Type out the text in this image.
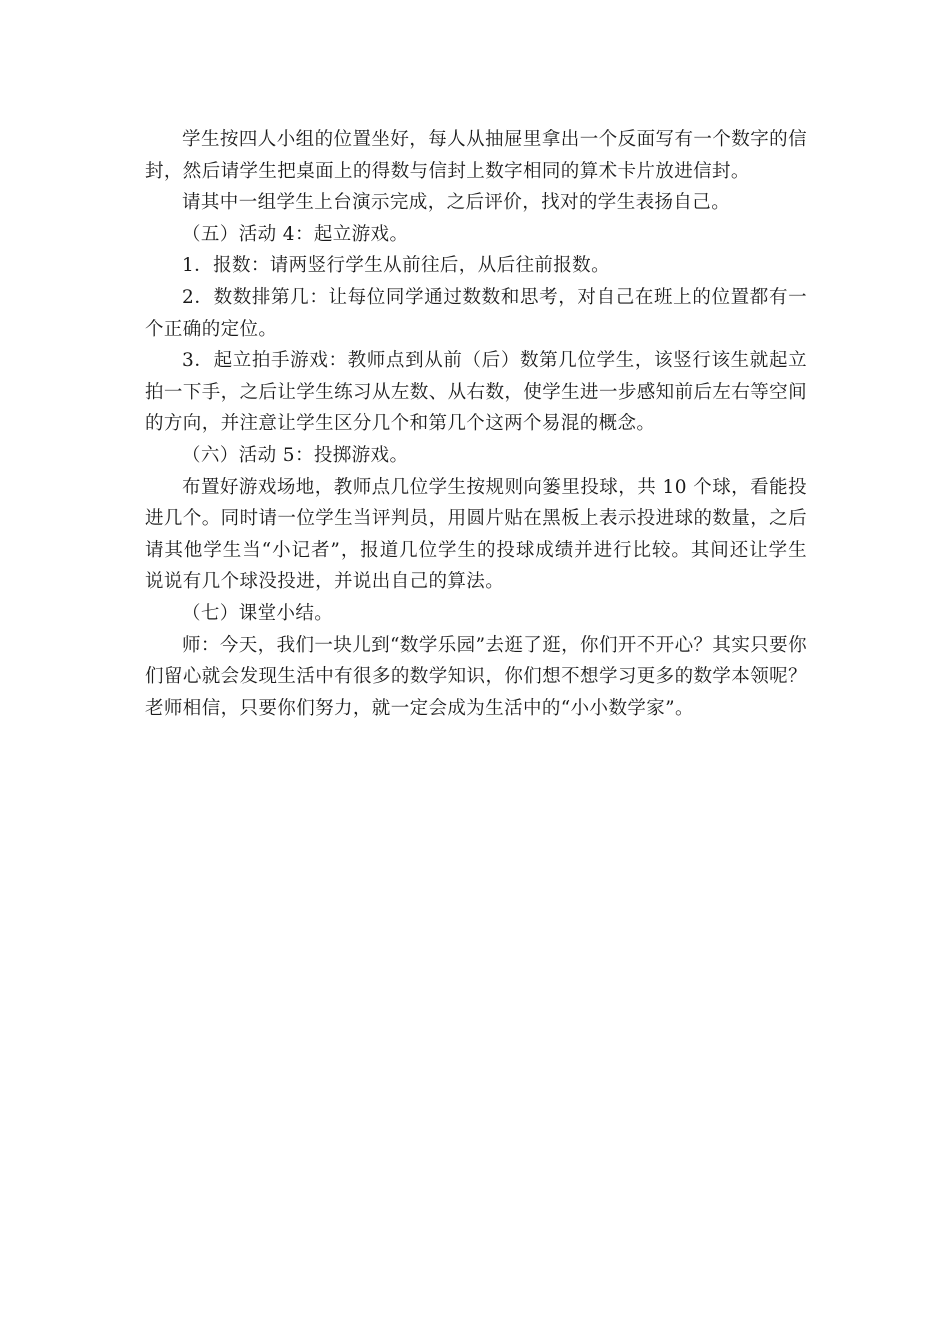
学生按四人小组的位置坐好，每人从抽屉里拿出一个反面写有一个数字的信封，然后请学生把桌面上的得数与信封上数字相同的算术卡片放进信封。

请其中一组学生上台演示完成，之后评价，找对的学生表扬自己。

（五）活动 4：起立游戏。

1．报数：请两竖行学生从前往后，从后往前报数。

2．数数排第几：让每位同学通过数数和思考，对自己在班上的位置都有一个正确的定位。

3．起立拍手游戏：教师点到从前（后）数第几位学生，该竖行该生就起立拍一下手，之后让学生练习从左数、从右数，使学生进一步感知前后左右等空间的方向，并注意让学生区分几个和第几个这两个易混的概念。

（六）活动 5：投掷游戏。

布置好游戏场地，教师点几位学生按规则向篓里投球，共 10 个球，看能投进几个。同时请一位学生当评判员，用圆片贴在黑板上表示投进球的数量，之后请其他学生当“小记者”，报道几位学生的投球成绩并进行比较。其间还让学生说说有几个球没投进，并说出自己的算法。

（七）课堂小结。

师：今天，我们一块儿到“数学乐园”去逛了逛，你们开不开心？其实只要你们留心就会发现生活中有很多的数学知识，你们想不想学习更多的数学本领呢？老师相信，只要你们努力，就一定会成为生活中的“小小数学家”。
